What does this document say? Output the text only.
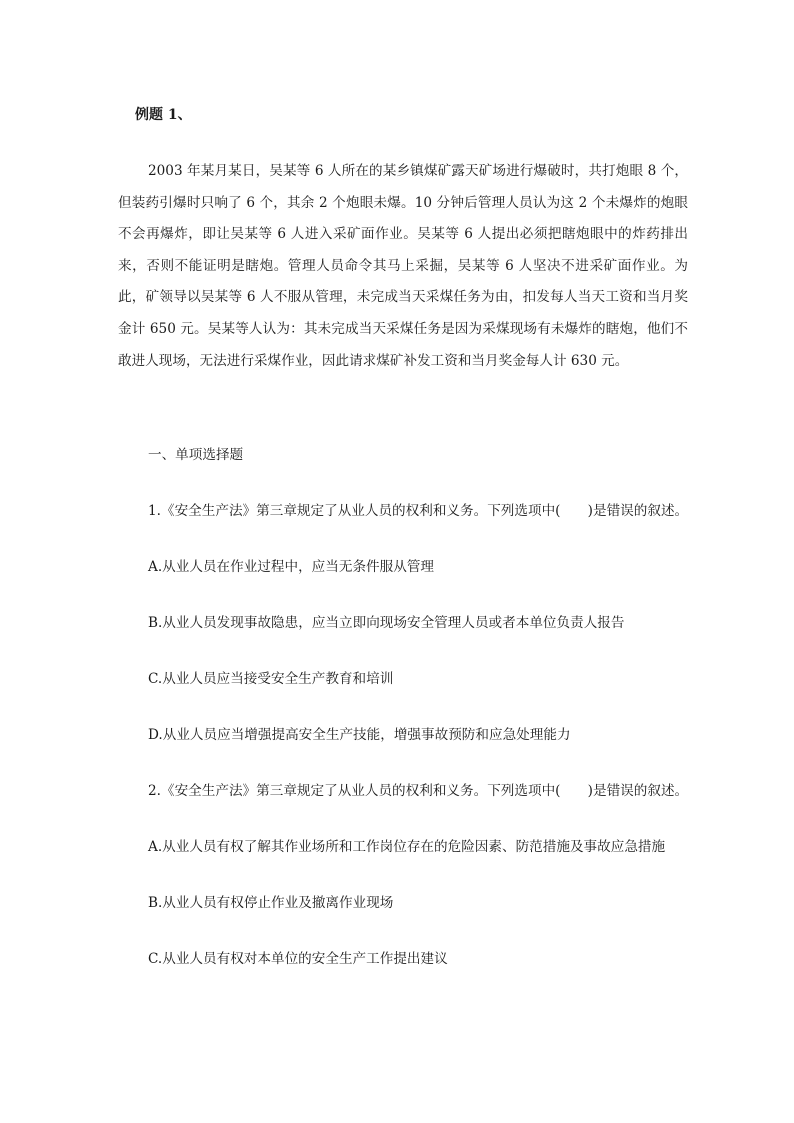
例题 1、
2003 年某月某日，吴某等 6 人所在的某乡镇煤矿露天矿场进行爆破时，共打炮眼 8 个，但装药引爆时只响了 6 个，其余 2 个炮眼未爆。10 分钟后管理人员认为这 2 个未爆炸的炮眼不会再爆炸，即让吴某等 6 人进入采矿面作业。吴某等 6 人提出必须把瞎炮眼中的炸药排出来，否则不能证明是瞎炮。管理人员命令其马上采掘，吴某等 6 人坚决不进采矿面作业。为此，矿领导以吴某等 6 人不服从管理，未完成当天采煤任务为由，扣发每人当天工资和当月奖金计 650 元。吴某等人认为：其未完成当天采煤任务是因为采煤现场有未爆炸的瞎炮，他们不敢进人现场，无法进行采煤作业，因此请求煤矿补发工资和当月奖金每人计 630 元。
一、单项选择题
1.《安全生产法》第三章规定了从业人员的权利和义务。下列选项中(　　)是错误的叙述。
A.从业人员在作业过程中，应当无条件服从管理
B.从业人员发现事故隐患，应当立即向现场安全管理人员或者本单位负责人报告
C.从业人员应当接受安全生产教育和培训
D.从业人员应当增强提高安全生产技能，增强事故预防和应急处理能力
2.《安全生产法》第三章规定了从业人员的权利和义务。下列选项中(　　)是错误的叙述。
A.从业人员有权了解其作业场所和工作岗位存在的危险因素、防范措施及事故应急措施
B.从业人员有权停止作业及撤离作业现场
C.从业人员有权对本单位的安全生产工作提出建议
